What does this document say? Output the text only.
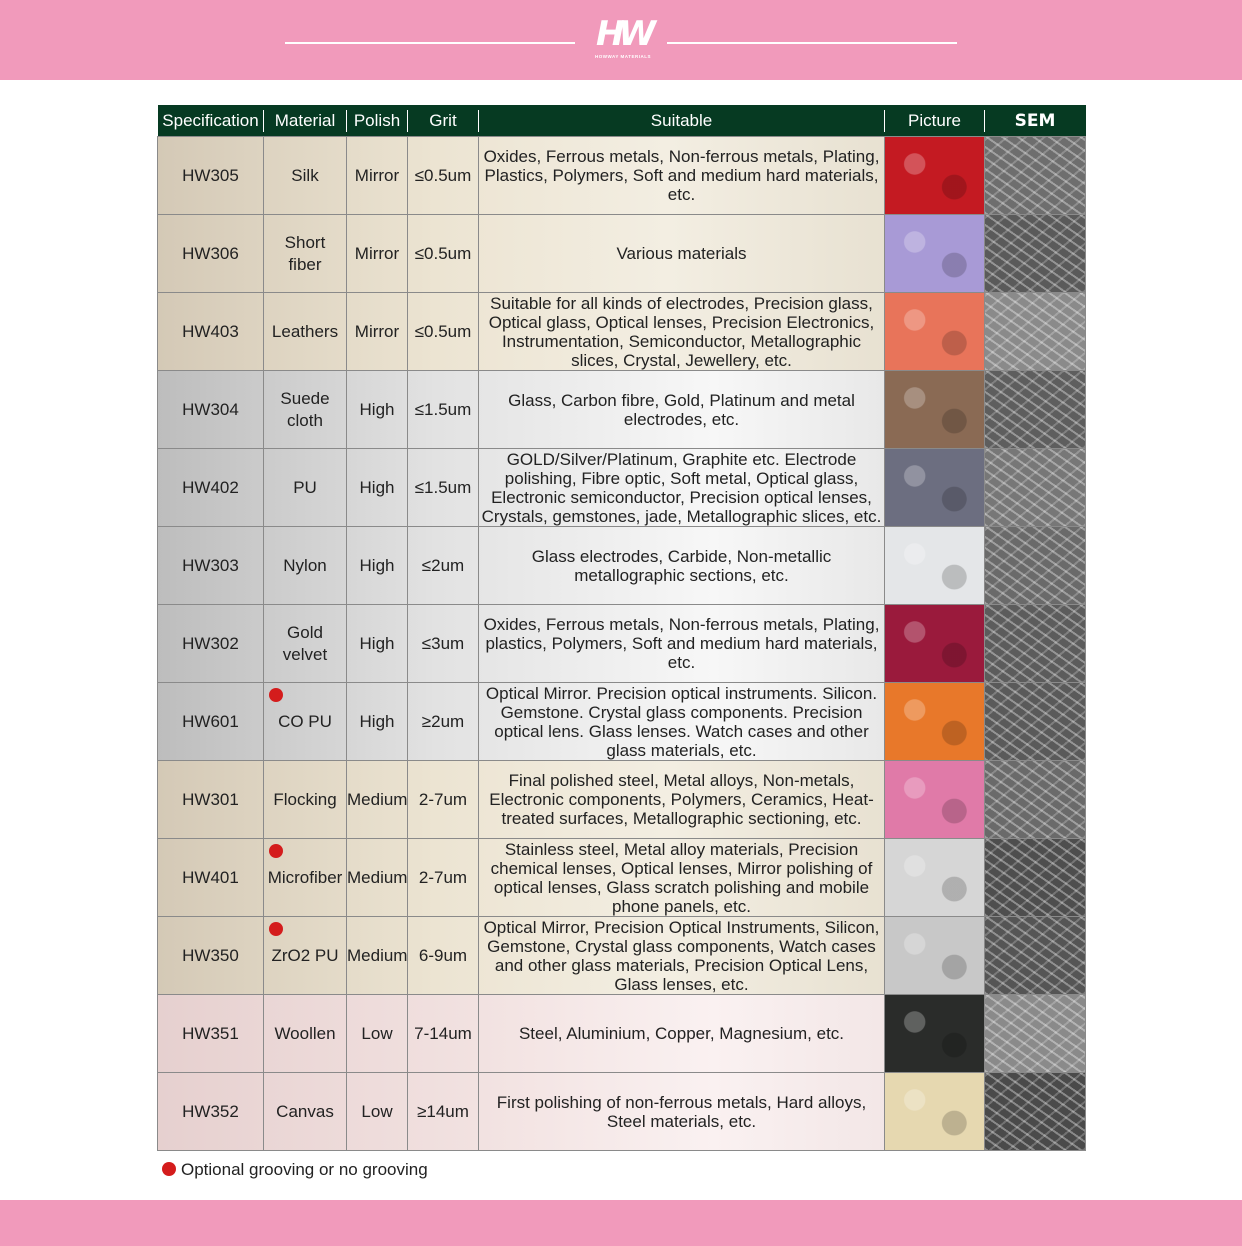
HW
HOWWAY MATERIALS
Specification	Material	Polish	Grit	Suitable	Picture	SEM
HW305	Silk	Mirror	≤0.5um	Oxides, Ferrous metals, Non-ferrous metals, Plating, Plastics, Polymers, Soft and medium hard materials, etc.	

HW306	Short fiber	Mirror	≤0.5um	Various materials	

HW403	Leathers	Mirror	≤0.5um	Suitable for all kinds of electrodes, Precision glass, Optical glass, Optical lenses, Precision Electronics, Instrumentation, Semiconductor, Metallographic slices, Crystal, Jewellery, etc.	

HW304	Suede cloth	High	≤1.5um	Glass, Carbon fibre, Gold, Platinum and metal electrodes, etc.	

HW402	PU	High	≤1.5um	GOLD/Silver/Platinum, Graphite etc. Electrode polishing, Fibre optic, Soft metal, Optical glass, Electronic semiconductor, Precision optical lenses, Crystals, gemstones, jade, Metallographic slices, etc.	

HW303	Nylon	High	≤2um	Glass electrodes, Carbide, Non-metallic metallographic sections, etc.	

HW302	Gold velvet	High	≤3um	Oxides, Ferrous metals, Non-ferrous metals, Plating, plastics, Polymers, Soft and medium hard materials, etc.	

HW601	CO PU	High	≥2um	Optical Mirror. Precision optical instruments. Silicon. Gemstone. Crystal glass components. Precision optical lens. Glass lenses. Watch cases and other glass materials, etc.	

HW301	Flocking	Medium	2-7um	Final polished steel, Metal alloys, Non-metals, Electronic components, Polymers, Ceramics, Heat-treated surfaces, Metallographic sectioning, etc.	

HW401	Microfiber	Medium	2-7um	Stainless steel, Metal alloy materials, Precision chemical lenses, Optical lenses, Mirror polishing of optical lenses, Glass scratch polishing and mobile phone panels, etc.	

HW350	ZrO2 PU	Medium	6-9um	Optical Mirror, Precision Optical Instruments, Silicon, Gemstone, Crystal glass components, Watch cases and other glass materials, Precision Optical Lens, Glass lenses, etc.	

HW351	Woollen	Low	7-14um	Steel, Aluminium, Copper, Magnesium, etc.	

HW352	Canvas	Low	≥14um	First polishing of non-ferrous metals, Hard alloys, Steel materials, etc.	

Optional grooving or no grooving
